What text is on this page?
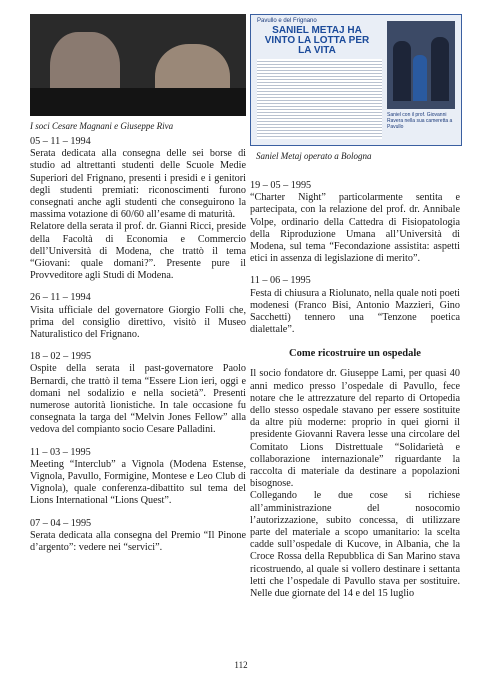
I soci Cesare Magnani e Giuseppe Riva

05 – 11 – 1994

Serata dedicata alla consegna delle sei borse di studio ad altrettanti studenti delle Scuole Medie Superiori del Frignano, presenti i presidi e i genitori degli studenti premiati: riconoscimenti furono consegnati anche agli studenti che conseguirono la massima votazione di 60/60 all’esame di maturità.

Relatore della serata il prof. dr. Gianni Ricci, preside della Facoltà di Economia e Commercio dell’Università di Modena, che trattò il tema “Giovani: quale domani?”. Presente pure il Provveditore agli Studi di Modena.

26 – 11 – 1994

Visita ufficiale del governatore Giorgio Folli che, prima del consiglio direttivo, visitò il Museo Naturalistico del Frignano.

18 – 02 – 1995

Ospite della serata il past-governatore Paolo Bernardi, che trattò il tema “Essere Lion ieri, oggi e domani nel sodalizio e nella società”. Presenti numerose autorità lionistiche. In tale occasione fu consegnata la targa del “Melvin Jones Fellow” alla vedova del compianto socio Cesare Palladini.

11 – 03 – 1995

Meeting “Interclub” a Vignola (Modena Estense, Vignola, Pavullo, Formigine, Montese e Leo Club di Vignola), quale conferenza-dibattito sul tema del Lions International “Lions Quest”.

07 – 04 – 1995

Serata dedicata alla consegna del Premio “Il Pinone d’argento”: vedere nei “servici”.

Pavullo e del Frignano
SANIEL METAJ HA VINTO LA LOTTA PER LA VITA
Saniel con il prof. Giovanni Ravera nella sua cameretta a Pavullo

Saniel Metaj operato a Bologna

19 – 05 – 1995

“Charter Night” particolarmente sentita e partecipata, con la relazione del prof. dr. Annibale Volpe, ordinario della Cattedra di Fisiopatologia della Riproduzione Umana all’Università di Modena, sul tema “Fecondazione assistita: aspetti etici in assenza di legislazione di merito”.

11 – 06 – 1995

Festa di chiusura a Riolunato, nella quale noti poeti modenesi (Franco Bisi, Antonio Mazzieri, Gino Sacchetti) tennero una “Tenzone poetica dialettale”.

Come ricostruire un ospedale

Il socio fondatore dr. Giuseppe Lami, per quasi 40 anni medico presso l’ospedale di Pavullo, fece notare che le attrezzature del reparto di Ortopedia dello stesso ospedale stavano per essere sostituite da altre più moderne: proprio in quei giorni il presidente Giovanni Ravera lesse una circolare del Comitato Lions Distrettuale “Solidarietà e collaborazione internazionale” riguardante la raccolta di materiale da destinare a popolazioni bisognose.

Collegando le due cose si richiese all’amministrazione del nosocomio l’autorizzazione, subito concessa, di utilizzare parte del materiale a scopo umanitario: la scelta cadde sull’ospedale di Kucove, in Albania, che la Croce Rossa della Repubblica di San Marino stava ricostruendo, al quale si vollero destinare i settanta letti che l’ospedale di Pavullo stava per sostituire. Nelle due giornate del 14 e del 15 luglio

112
